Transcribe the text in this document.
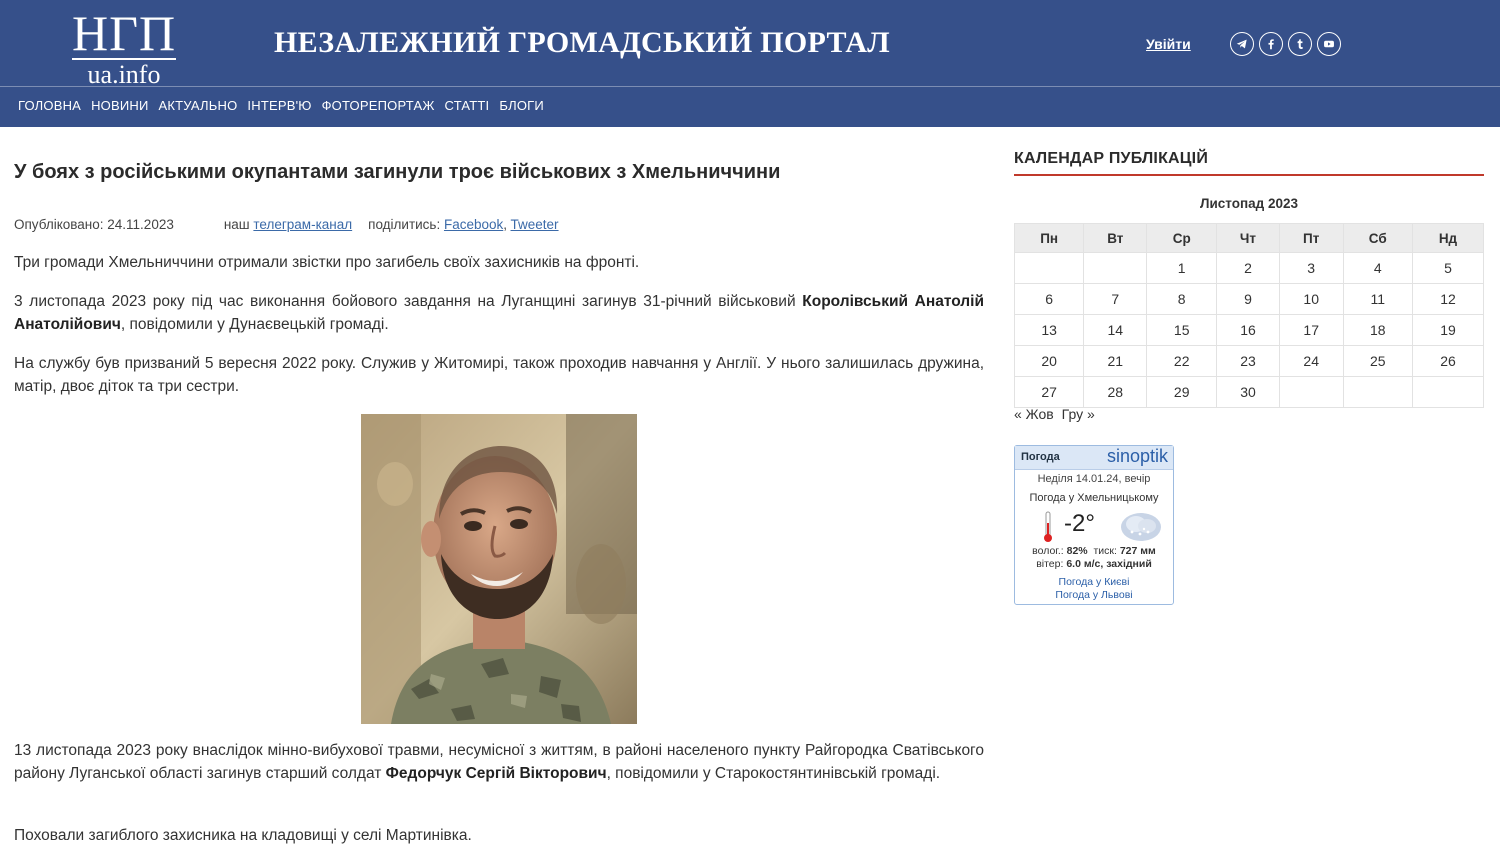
НГП
ua.info
НЕЗАЛЕЖНИЙ ГРОМАДСЬКИЙ ПОРТАЛ	Увійти
ГОЛОВНА НОВИНИ АКТУАЛЬНО ІНТЕРВ'Ю ФОТОРЕПОРТАЖ СТАТТІ БЛОГИ
У боях з російськими окупантами загинули троє військових з Хмельниччини
Опубліковано: 24.11.2023	наш телеграм-канал поділитись: Facebook, Tweeter

Три громади Хмельниччини отримали звістки про загибель своїх захисників на фронті.

3 листопада 2023 року під час виконання бойового завдання на Луганщині загинув 31-річний військовий Королівський Анатолій Анатолійович, повідомили у Дунаєвецькій громаді.

На службу був призваний 5 вересня 2022 року. Служив у Житомирі, також проходив навчання у Англії. У нього залишилась дружина, матір, двоє діток та три сестри.

13 листопада 2023 року внаслідок мінно-вибухової травми, несумісної з життям, в районі населеного пункту Райгородка Сватівського району Луганської області загинув старший солдат Федорчук Сергій Вікторович, повідомили у Старокостянтинівській громаді.

Поховали загиблого захисника на кладовищі у селі Мартинівка.

КАЛЕНДАР ПУБЛІКАЦІЙ
Листопад 2023
Пн	Вт	Ср	Чт	Пт	Сб	Нд
		1	2	3	4	5
6	7	8	9	10	11	12
13	14	15	16	17	18	19
20	21	22	23	24	25	26
27	28	29	30			
« Жов Гру »
Погода	sinoptik
Неділя 14.01.24, вечір
Погода у Хмельницькому
-2°
волог.: 82% тиск: 727 мм
вітер: 6.0 м/с, західний
Погода у Києві
Погода у Львові
